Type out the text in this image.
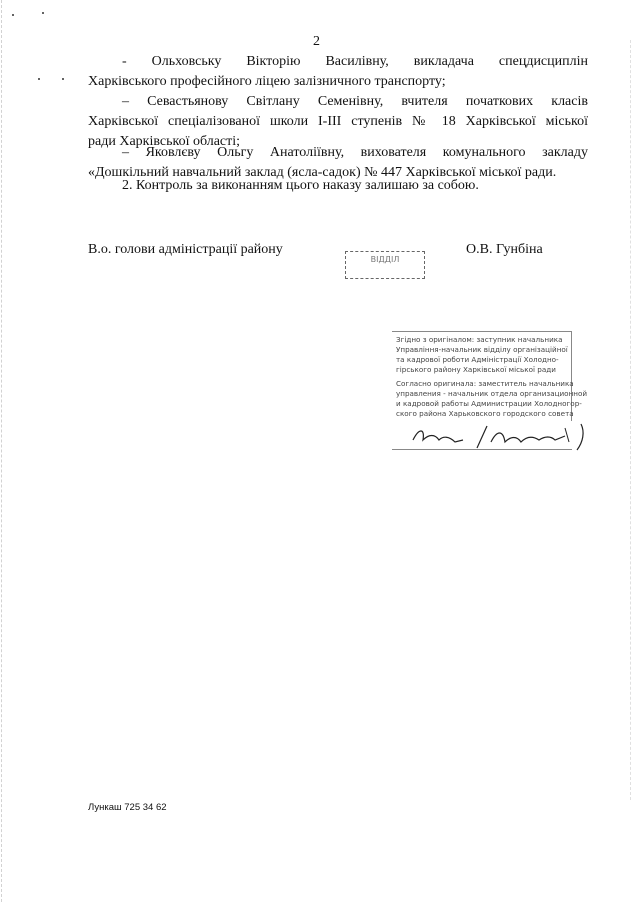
2
- Ольховську Вікторію Василівну, викладача спецдисциплін
Харківського професійного ліцею залізничного транспорту;
– Севастьянову Світлану Семенівну, вчителя початкових класів
Харківської спеціалізованої школи І-ІІІ ступенів № 18 Харківської міської
ради Харківської області;
– Яковлєву Ольгу Анатоліївну, вихователя комунального закладу
«Дошкільний навчальний заклад (ясла-садок) № 447 Харківської міської ради.
2. Контроль за виконанням цього наказу залишаю за собою.
В.о. голови адміністрації району
ВІДДІЛ
О.В. Гунбіна
Згідно з оригіналом: заступник начальника
Управління-начальник відділу організаційної
та кадрової роботи Адміністрації Холодно-
гірського району Харківської міської ради
Согласно оригинала: заместитель начальника
управления - начальник отдела организационной
и кадровой работы Администрации Холодногор-
ского района Харьковского городского совета
Лункаш 725 34 62
